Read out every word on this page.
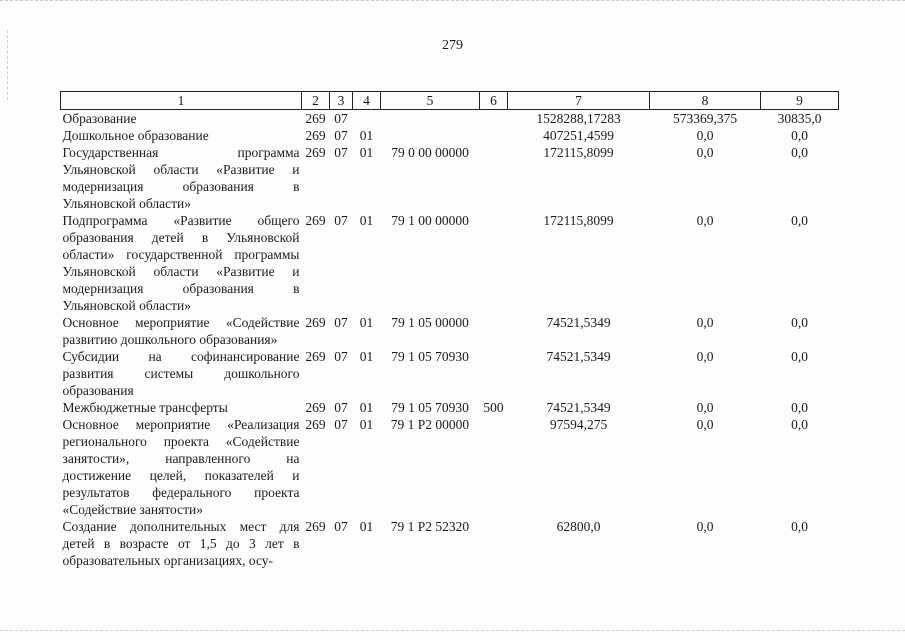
279
1	2	3	4	5	6	7	8	9
Образование	269	07				1528288,17283	573369,375	30835,0
Дошкольное образование	269	07	01			407251,4599	0,0	0,0
Государственная программа Ульяновской области «Развитие и модернизация образования в Ульяновской области»	269	07	01	79 0 00 00000		172115,8099	0,0	0,0
Подпрограмма «Развитие общего образования детей в Ульяновской области» государственной программы Ульяновской области «Развитие и модернизация образования в Ульяновской области»	269	07	01	79 1 00 00000		172115,8099	0,0	0,0
Основное мероприятие «Содействие развитию дошкольного образования»	269	07	01	79 1 05 00000		74521,5349	0,0	0,0
Субсидии на софинансирование развития системы дошкольного образования	269	07	01	79 1 05 70930		74521,5349	0,0	0,0
Межбюджетные трансферты	269	07	01	79 1 05 70930	500	74521,5349	0,0	0,0
Основное мероприятие «Реализация регионального проекта «Содействие занятости», направленного на достижение целей, показателей и результатов федерального проекта «Содействие занятости»	269	07	01	79 1 P2 00000		97594,275	0,0	0,0
Создание дополнительных мест для детей в возрасте от 1,5 до 3 лет в образовательных организациях, осу-	269	07	01	79 1 P2 52320		62800,0	0,0	0,0
